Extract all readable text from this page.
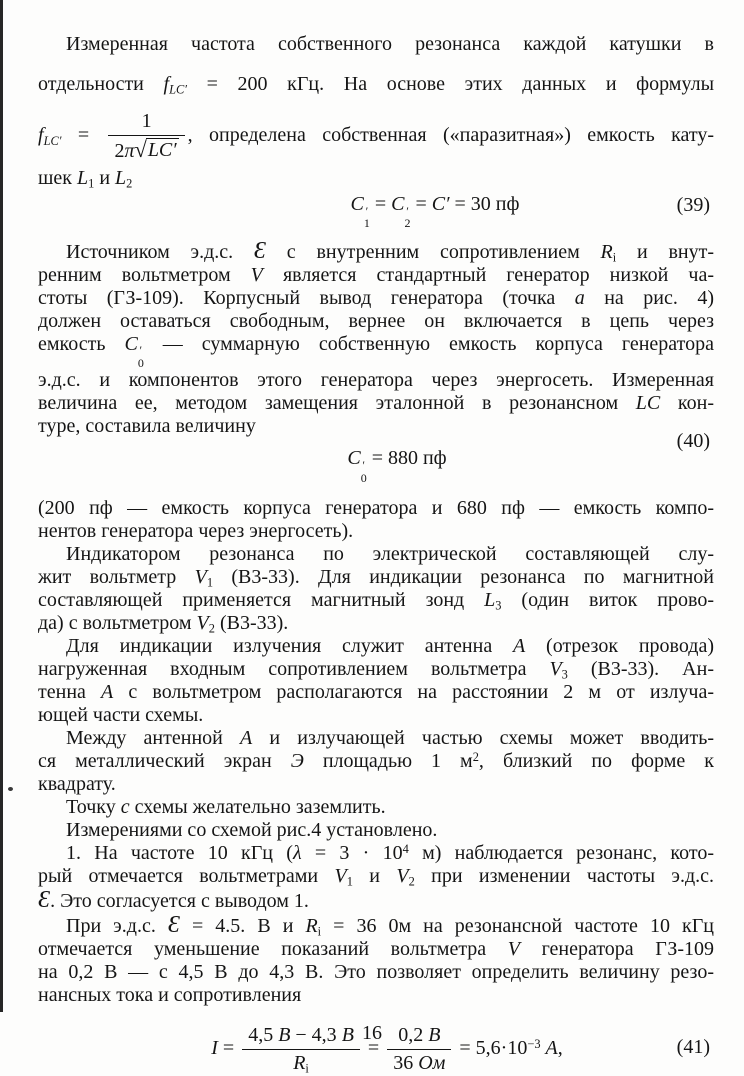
Измеренная частота собственного резонанса каждой катушки в
отдельности $f_{LC'} = 200$ кГц. На основе этих данных и формулы
$f_{LC'} = \frac{1}{2\pi √ LC'}$ , определена собственная («паразитная») емкость кату-
шек $L_1$ и $L_2$
C ′
1
= C ′
2
= C′ = 30 пф	(39)
Источником э.д.с. Ɛ с внутренним сопротивлением $R_i$ и внут-
ренним вольтметром V является стандартный генератор низкой ча-
стоты (ГЗ-109). Корпусный вывод генератора (точка a на рис. 4)
должен оставаться свободным, вернее он включается в цепь через
емкость C ′
0
— суммарную собственную емкость корпуса генератора
э.д.с. и компонентов этого генератора через энергосеть. Измеренная
величина ее, методом замещения эталонной в резонансном LC кон-
туре, составила величину
C ′
0
= 880 пф
(40)
(200 пф — емкость корпуса генератора и 680 пф — емкость компо-
нентов генератора через энергосеть).
Индикатором резонанса по электрической составляющей слу-
жит вольтметр $V_1$ (В3-33). Для индикации резонанса по магнитной
составляющей применяется магнитный зонд $L_3$ (один виток прово-
да) с вольтметром $V_2$ (В3-33).
Для индикации излучения служит антенна A (отрезок провода)
нагруженная входным сопротивлением вольтметра $V_3$ (В3-33). Ан-
тенна A с вольтметром располагаются на расстоянии 2 м от излуча-
ющей части схемы.
Между антенной A и излучающей частью схемы может вводить-
ся металлический экран Э площадью 1 $м^2$, близкий по форме к
квадрату.
Точку c схемы желательно заземлить.
Измерениями со схемой рис.4 установлено.
1. На частоте 10 кГц ($\lambda = 3 \cdot 10^4$ м) наблюдается резонанс, кото-
рый отмечается вольтметрами $V_1$ и $V_2$ при изменении частоты э.д.с.
Ɛ. Это согласуется с выводом 1.
При э.д.с. Ɛ = 4.5. В и $R_i = 36$ 0м на резонансной частоте 10 кГц
отмечается уменьшение показаний вольтметра V генератора ГЗ-109
на 0,2 В — с 4,5 В до 4,3 В. Это позволяет определить величину резо-
нансных тока и сопротивления
$I = \frac{4,5 В - 4,3 В}{R_i} = \frac{0,2 В}{36 Ом} = 5,6\cdot 10^{-3}$ A,	(41)
16
